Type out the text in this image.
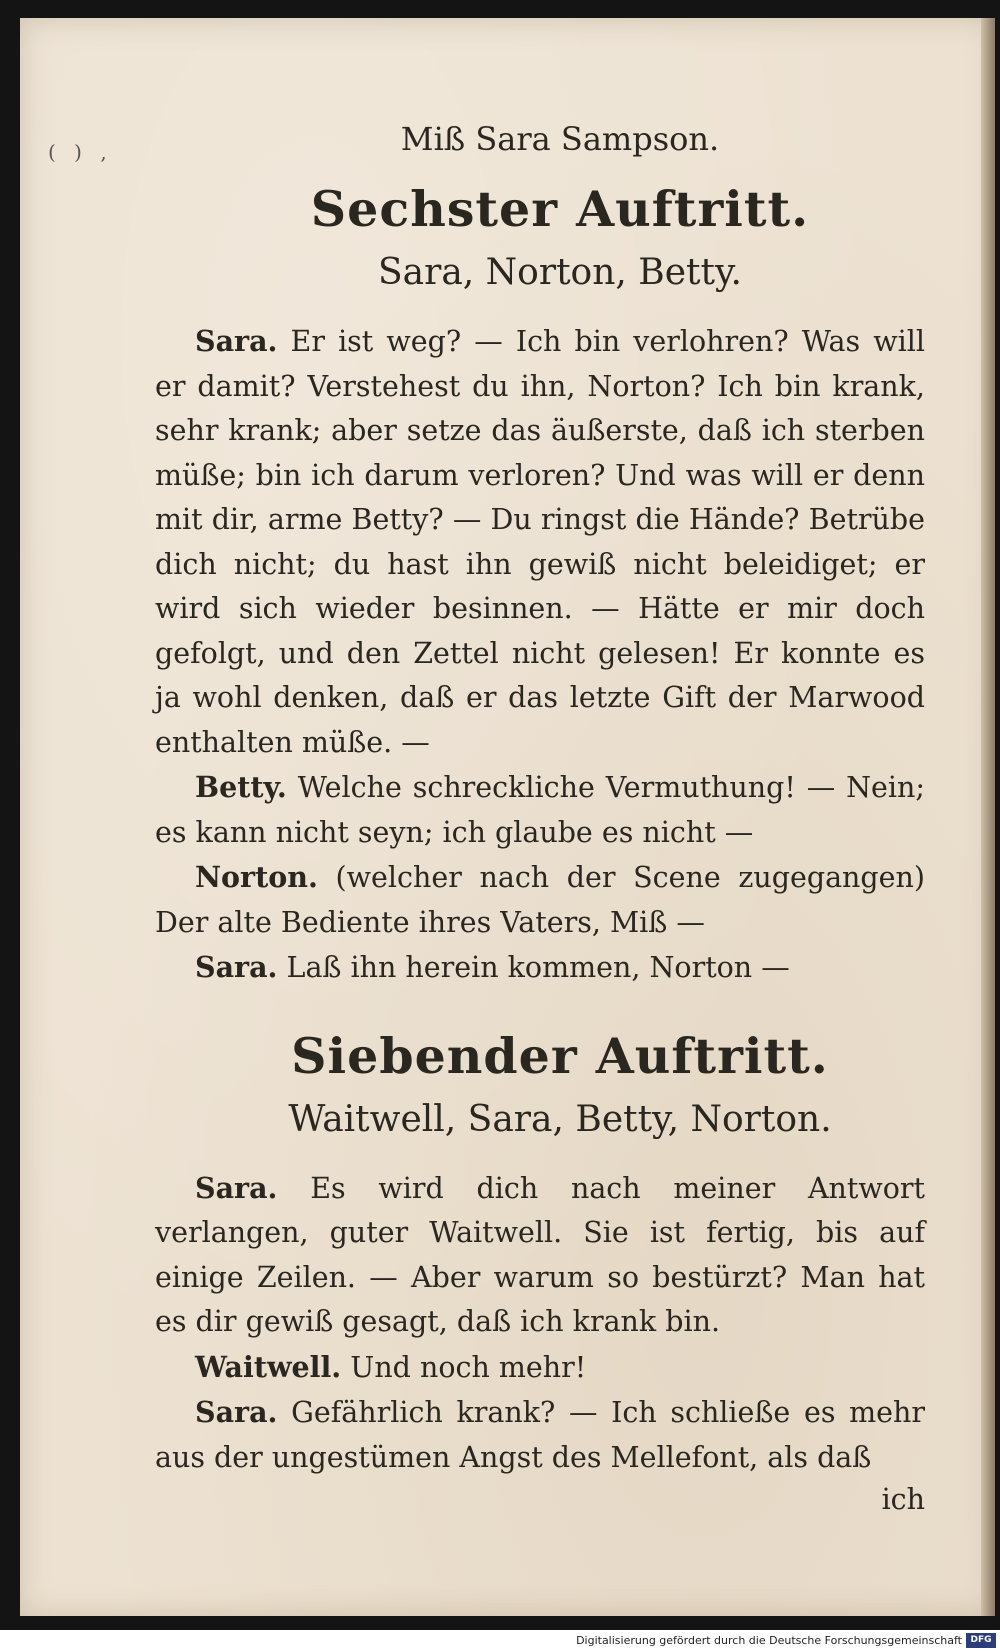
( ) ,	Miß Sara Sampson.
Sechster Auftritt.
Sara, Norton, Betty.

Sara. Er ist weg? — Ich bin verlohren? Was will er damit? Verstehest du ihn, Norton? Ich bin krank, sehr krank; aber setze das äußerste, daß ich sterben müße; bin ich darum verloren? Und was will er denn mit dir, arme Betty? — Du ringst die Hände? Betrübe dich nicht; du hast ihn gewiß nicht beleidiget; er wird sich wieder besinnen. — Hätte er mir doch gefolgt, und den Zettel nicht gelesen! Er konnte es ja wohl denken, daß er das letzte Gift der Marwood enthalten müße. —

Betty. Welche schreckliche Vermuthung! — Nein; es kann nicht seyn; ich glaube es nicht —

Norton. (welcher nach der Scene zugegangen) Der alte Bediente ihres Vaters, Miß —

Sara. Laß ihn herein kommen, Norton —

Siebender Auftritt.
Waitwell, Sara, Betty, Norton.

Sara. Es wird dich nach meiner Antwort verlangen, guter Waitwell. Sie ist fertig, bis auf einige Zeilen. — Aber warum so bestürzt? Man hat es dir gewiß gesagt, daß ich krank bin.

Waitwell. Und noch mehr!

Sara. Gefährlich krank? — Ich schließe es mehr aus der ungestümen Angst des Mellefont, als daß

ich

Digitalisierung gefördert durch die Deutsche Forschungsgemeinschaft DFG
